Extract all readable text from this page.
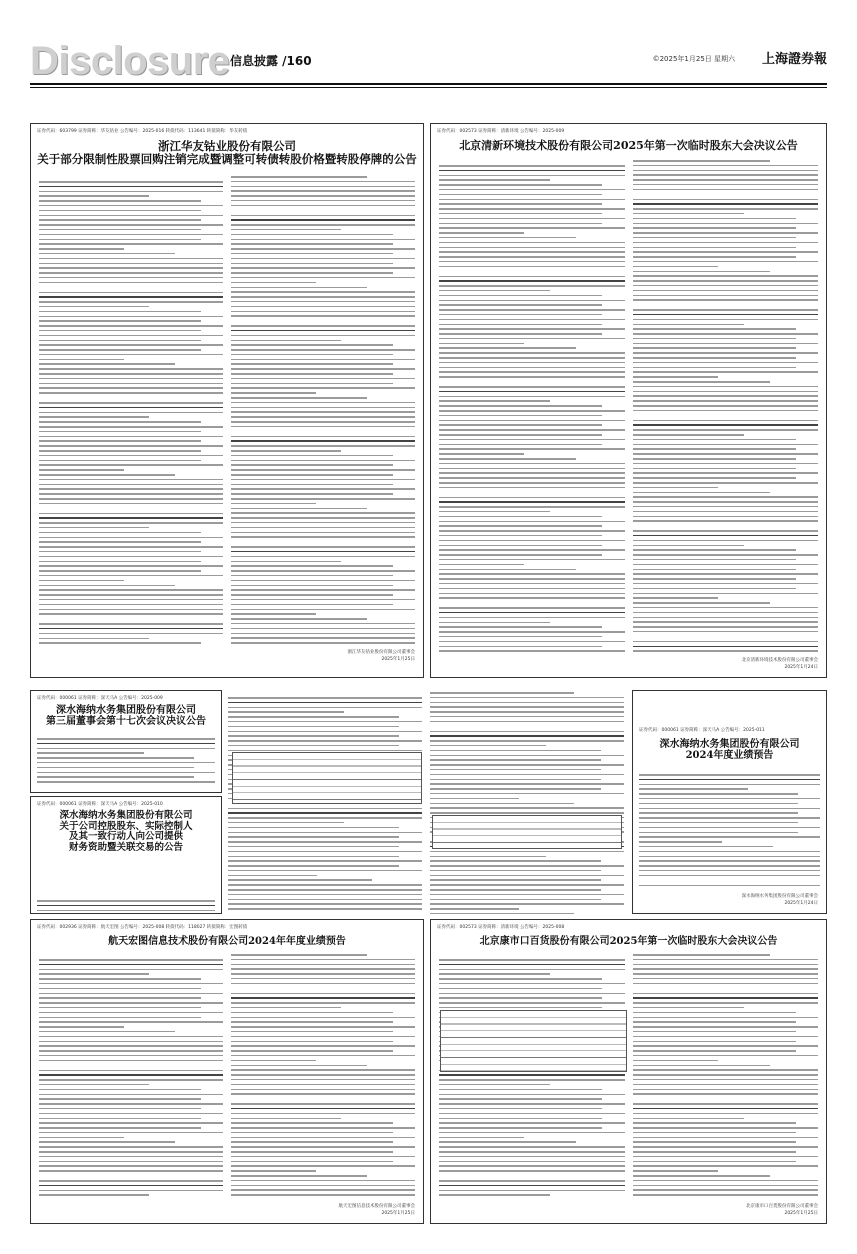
Disclosure 信息披露 /160	©2025年1月25日 星期六 上海證券報
证券代码：603799 证券简称：华友钴业 公告编号：2025-016 转债代码：113641 转债简称：华友转债
浙江华友钴业股份有限公司
关于部分限制性股票回购注销完成暨调整可转债转股价格暨转股停牌的公告
浙江华友钴业股份有限公司董事会
2025年1月25日
证券代码：002573 证券简称：清新环境 公告编号：2025-009
北京清新环境技术股份有限公司2025年第一次临时股东大会决议公告
北京清新环境技术股份有限公司董事会
2025年1月24日
证券代码：000061 证券简称：深天马A 公告编号：2025-009
深水海纳水务集团股份有限公司
第三届董事会第十七次会议决议公告
证券代码：000061 证券简称：深天马A 公告编号：2025-010
深水海纳水务集团股份有限公司
关于公司控股股东、实际控制人
及其一致行动人向公司提供
财务资助暨关联交易的公告
证券代码：000061 证券简称：深天马A 公告编号：2025-011
深水海纳水务集团股份有限公司
2024年度业绩预告
深水海纳水务集团股份有限公司董事会
2025年1月24日
证券代码：002936 证券简称：航天宏图 公告编号：2025-008 转债代码：118027 转债简称：宏图转债
航天宏图信息技术股份有限公司2024年年度业绩预告
航天宏图信息技术股份有限公司董事会
2025年1月25日
证券代码：002573 证券简称：清新环境 公告编号：2025-008
北京康市口百货股份有限公司2025年第一次临时股东大会决议公告
北京康市口百货股份有限公司董事会
2025年1月25日
